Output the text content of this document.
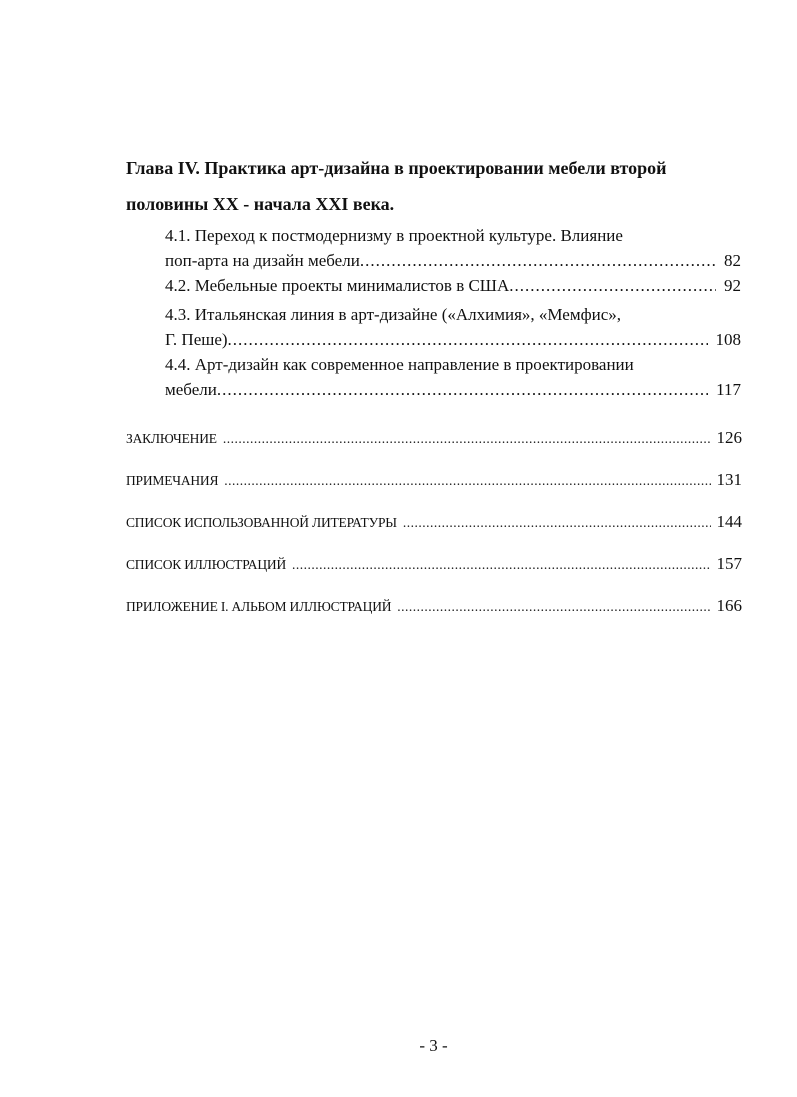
Глава IV. Практика арт-дизайна в проектировании мебели второй
половины XX - начала XXI века.
4.1. Переход к постмодернизму в проектной культуре. Влияние
поп-арта на дизайн мебели .....	82
4.2. Мебельные проекты минималистов в США .....	92
4.3. Итальянская линия в арт-дизайне («Алхимия», «Мемфис»,
Г. Пеше) .....	108
4.4. Арт-дизайн как современное направление в проектировании
мебели .....	117
ЗАКЛЮЧЕНИЕ .....	126
ПРИМЕЧАНИЯ .....	131
СПИСОК ИСПОЛЬЗОВАННОЙ ЛИТЕРАТУРЫ .....	144
СПИСОК ИЛЛЮСТРАЦИЙ .....	157
ПРИЛОЖЕНИЕ I. АЛЬБОМ ИЛЛЮСТРАЦИЙ .....	166
- 3 -
